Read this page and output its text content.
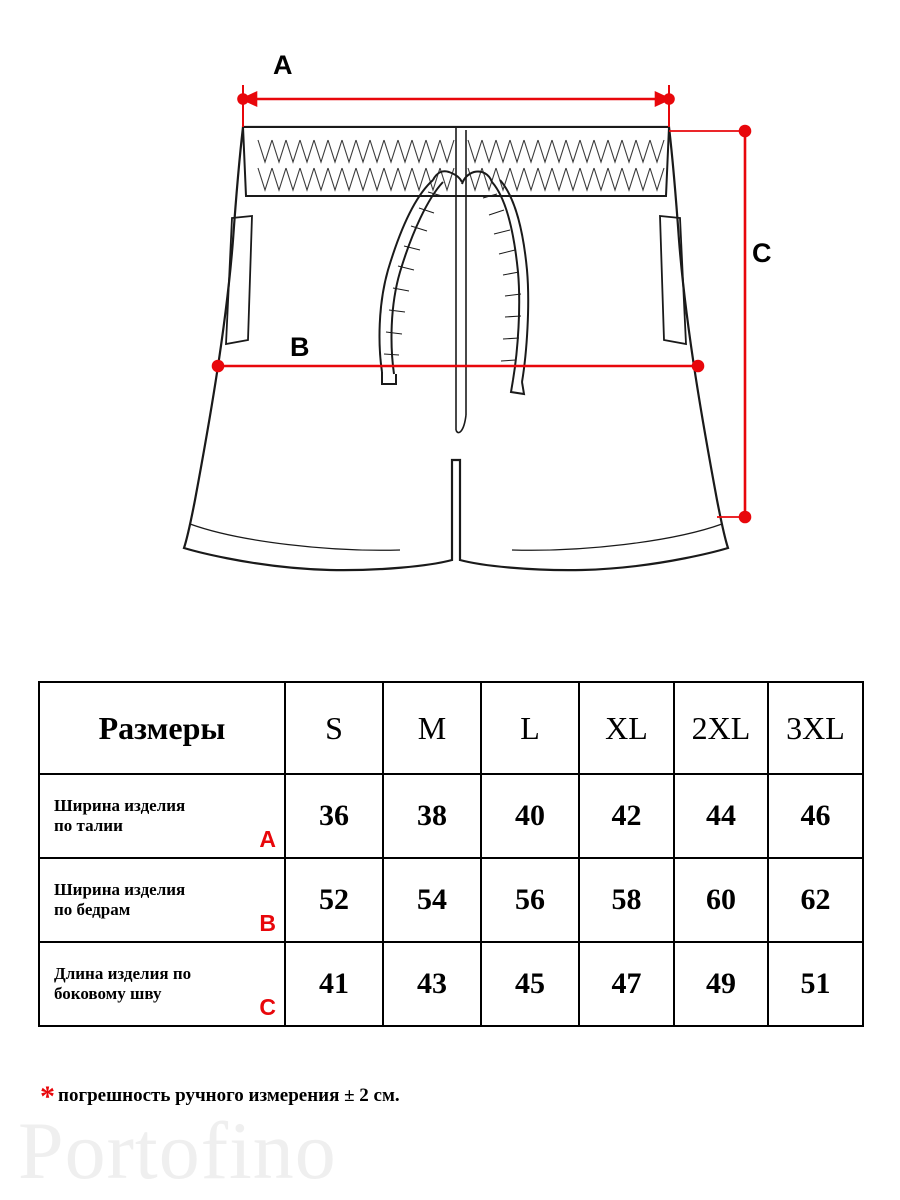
A
B
C
Размеры	S	M	L	XL	2XL	3XL
Ширина изделия
по талии
A	36	38	40	42	44	46
Ширина изделия
по бедрам
B	52	54	56	58	60	62
Длина изделия по
боковому шву
C	41	43	45	47	49	51
* погрешность ручного измерения ± 2 см.
Portofino
